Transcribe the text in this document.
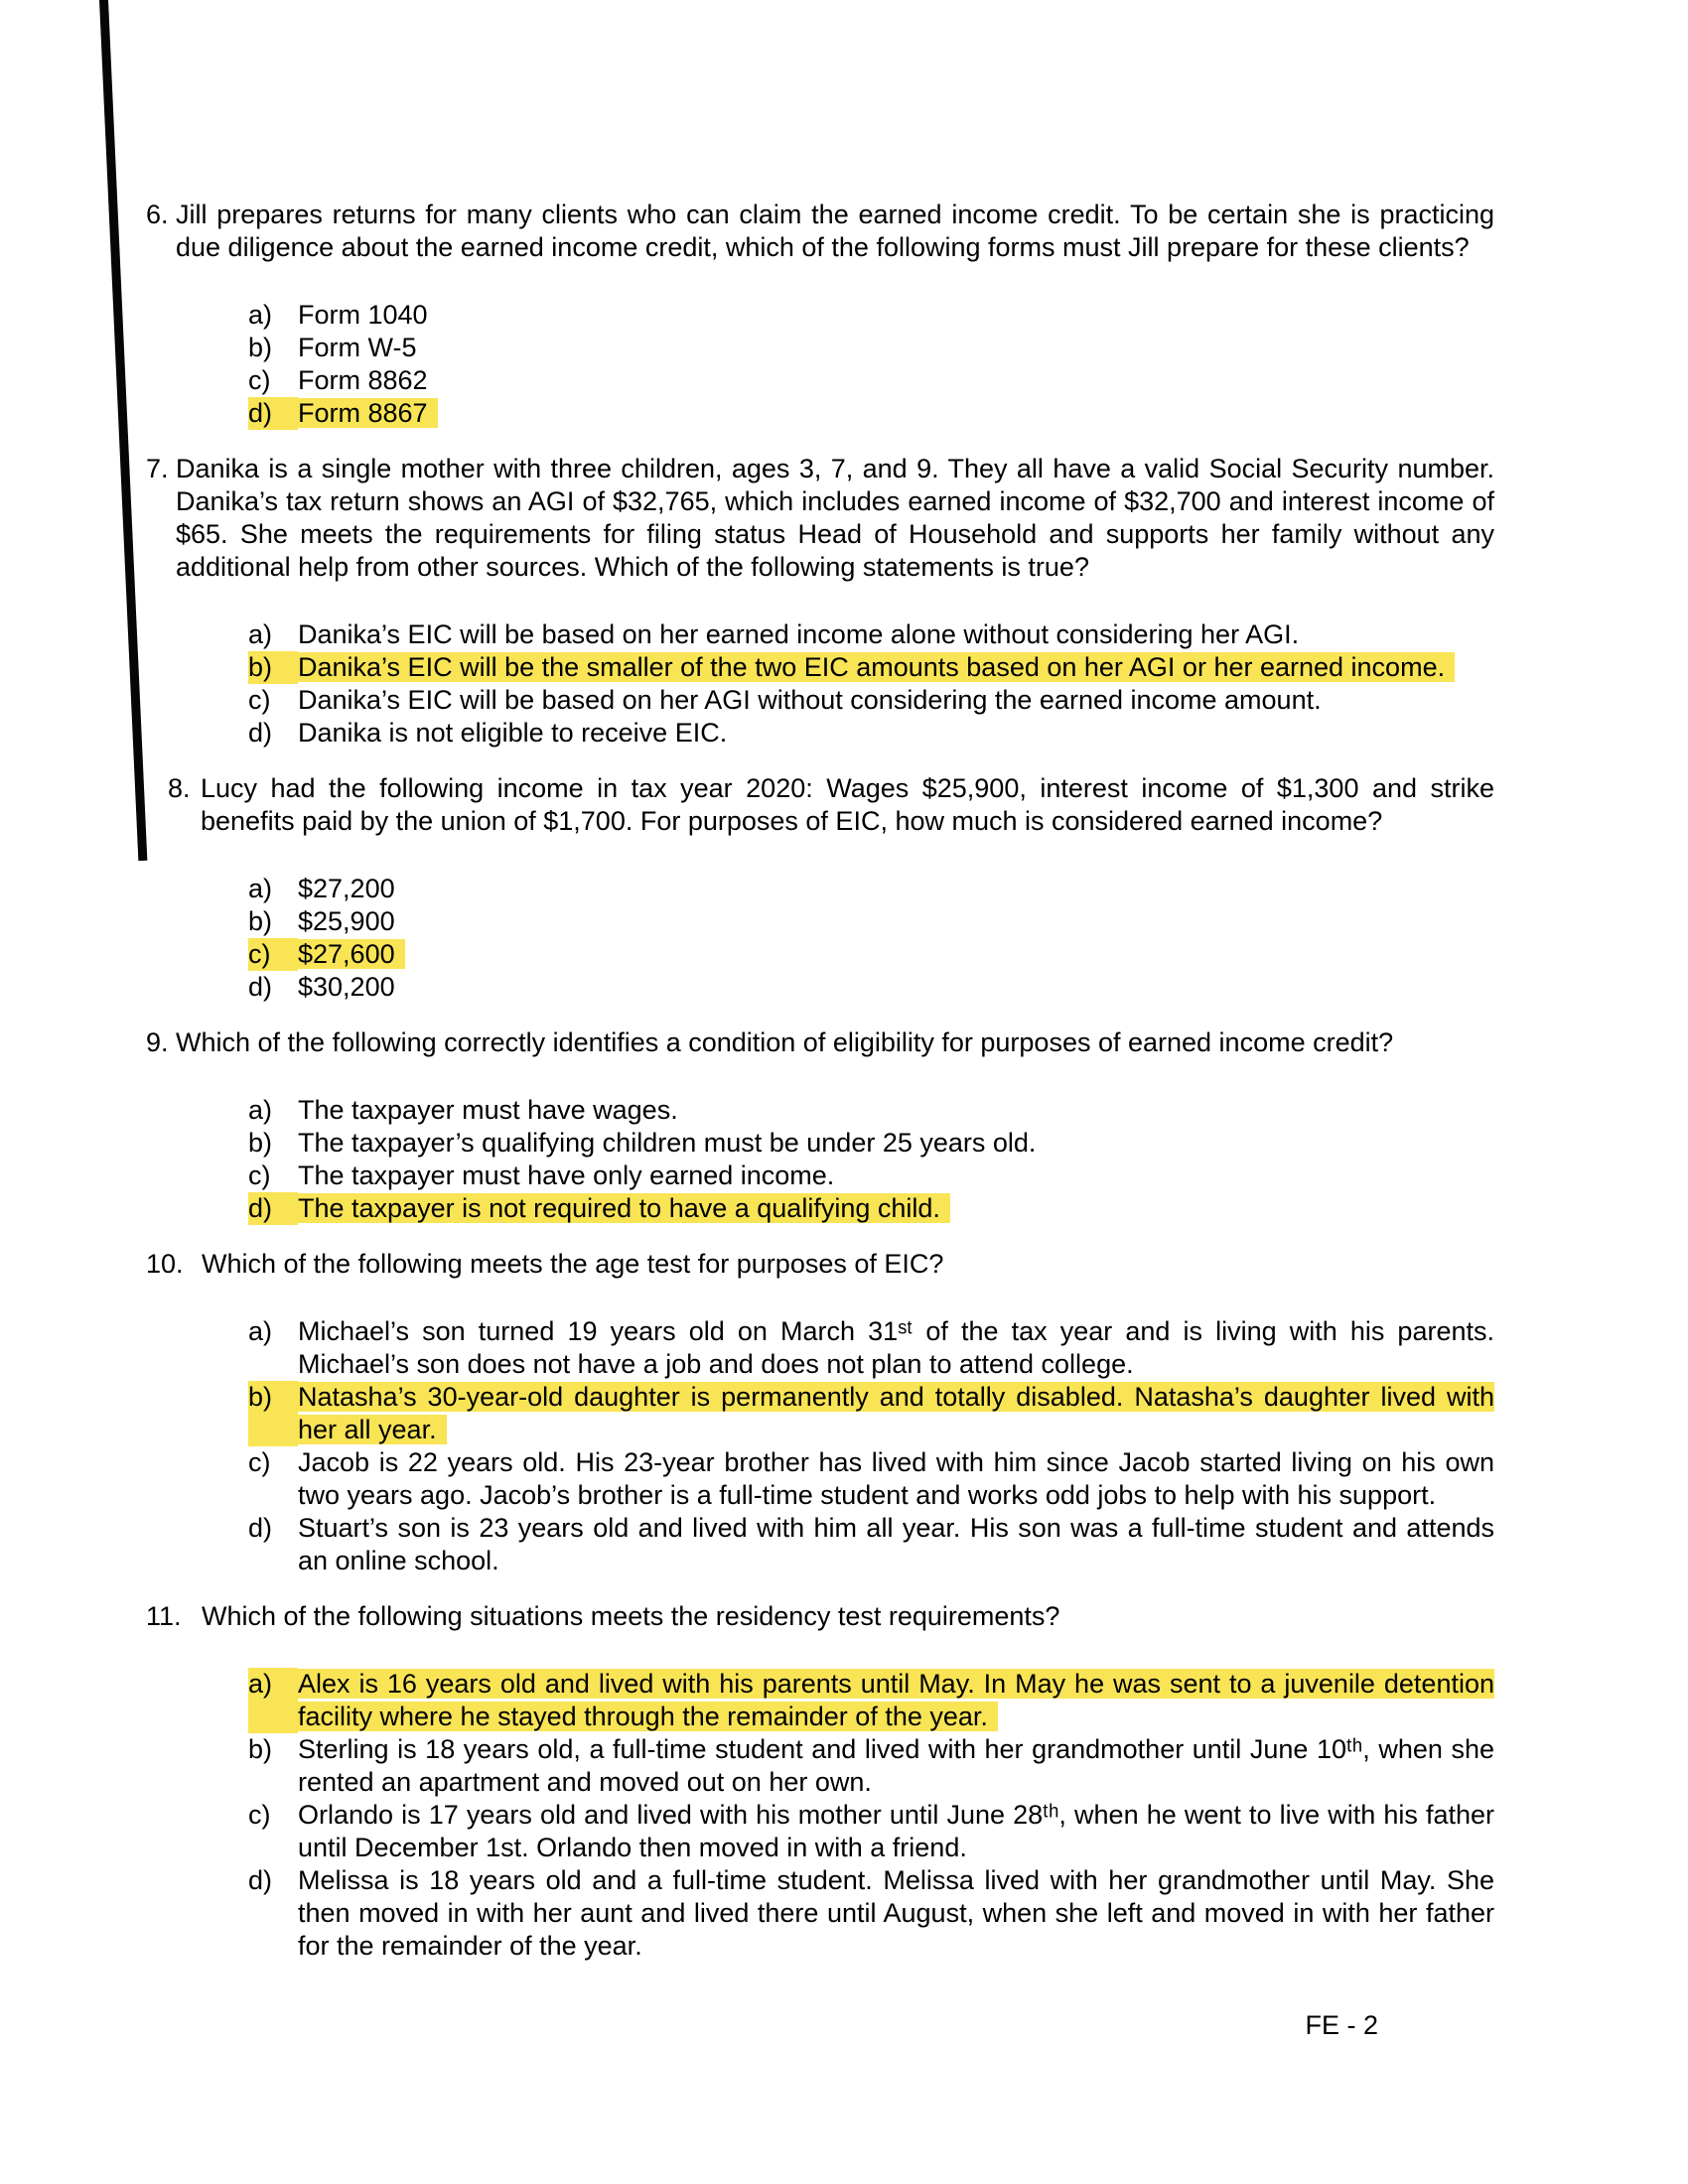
6. Jill prepares returns for many clients who can claim the earned income credit. To be certain she is practicing due diligence about the earned income credit, which of the following forms must Jill prepare for these clients?
a) Form 1040
b) Form W-5
c)	Form 8862
d) Form 8867
7. Danika is a single mother with three children, ages 3, 7, and 9. They all have a valid Social Security number. Danika’s tax return shows an AGI of $32,765, which includes earned income of $32,700 and interest income of $65. She meets the requirements for filing status Head of Household and supports her family without any additional help from other sources. Which of the following statements is true?
a) Danika’s EIC will be based on her earned income alone without considering her AGI.
b) Danika’s EIC will be the smaller of the two EIC amounts based on her AGI or her earned income.
c)	Danika’s EIC will be based on her AGI without considering the earned income amount.
d) Danika is not eligible to receive EIC.
8. Lucy had the following income in tax year 2020: Wages $25,900, interest income of $1,300 and strike benefits paid by the union of $1,700. For purposes of EIC, how much is considered earned income?
a) $27,200
b) $25,900
c)	$27,600
d) $30,200
9. Which of the following correctly identifies a condition of eligibility for purposes of earned income credit?
a) The taxpayer must have wages.
b) The taxpayer’s qualifying children must be under 25 years old.
c)	The taxpayer must have only earned income.
d) The taxpayer is not required to have a qualifying child.
10. Which of the following meets the age test for purposes of EIC?
a) Michael’s son turned 19 years old on March 31ˢᵗ of the tax year and is living with his parents. Michael’s son does not have a job and does not plan to attend college.
b) Natasha’s 30-year-old daughter is permanently and totally disabled. Natasha’s daughter lived with her all year.
c)	Jacob is 22 years old. His 23-year brother has lived with him since Jacob started living on his own two years ago. Jacob’s brother is a full-time student and works odd jobs to help with his support.
d) Stuart’s son is 23 years old and lived with him all year. His son was a full-time student and attends an online school.
11. Which of the following situations meets the residency test requirements?
a) Alex is 16 years old and lived with his parents until May. In May he was sent to a juvenile detention facility where he stayed through the remainder of the year.
b) Sterling is 18 years old, a full-time student and lived with her grandmother until June 10ᵗʰ, when she rented an apartment and moved out on her own.
c)	Orlando is 17 years old and lived with his mother until June 28ᵗʰ, when he went to live with his father until December 1st. Orlando then moved in with a friend.
d) Melissa is 18 years old and a full-time student. Melissa lived with her grandmother until May. She then moved in with her aunt and lived there until August, when she left and moved in with her father for the remainder of the year.
FE - 2
